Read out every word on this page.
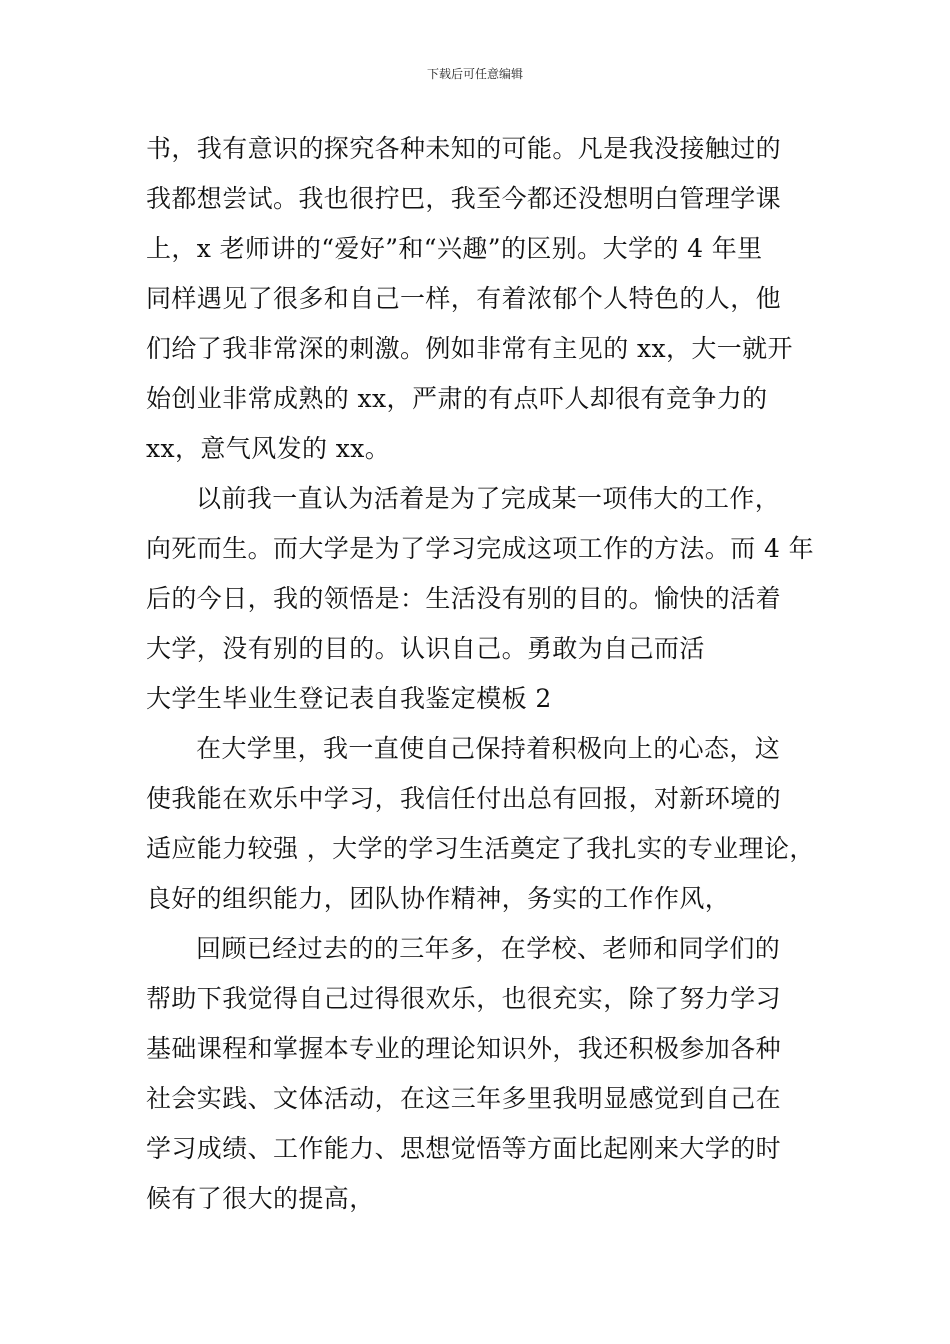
下载后可任意编辑
书，我有意识的探究各种未知的可能。凡是我没接触过的
我都想尝试。我也很拧巴，我至今都还没想明白管理学课
上，x 老师讲的“爱好”和“兴趣”的区别。大学的 4 年里
同样遇见了很多和自己一样，有着浓郁个人特色的人，他
们给了我非常深的刺激。例如非常有主见的 xx，大一就开
始创业非常成熟的 xx，严肃的有点吓人却很有竞争力的
xx，意气风发的 xx。
以前我一直认为活着是为了完成某一项伟大的工作，
向死而生。而大学是为了学习完成这项工作的方法。而 4 年
后的今日，我的领悟是：生活没有别的目的。愉快的活着
大学，没有别的目的。认识自己。勇敢为自己而活
大学生毕业生登记表自我鉴定模板 2
在大学里，我一直使自己保持着积极向上的心态，这
使我能在欢乐中学习，我信任付出总有回报，对新环境的
适应能力较强 ，大学的学习生活奠定了我扎实的专业理论，
良好的组织能力，团队协作精神，务实的工作作风，
回顾已经过去的的三年多，在学校、老师和同学们的
帮助下我觉得自己过得很欢乐，也很充实，除了努力学习
基础课程和掌握本专业的理论知识外，我还积极参加各种
社会实践、文体活动，在这三年多里我明显感觉到自己在
学习成绩、工作能力、思想觉悟等方面比起刚来大学的时
候有了很大的提高，
